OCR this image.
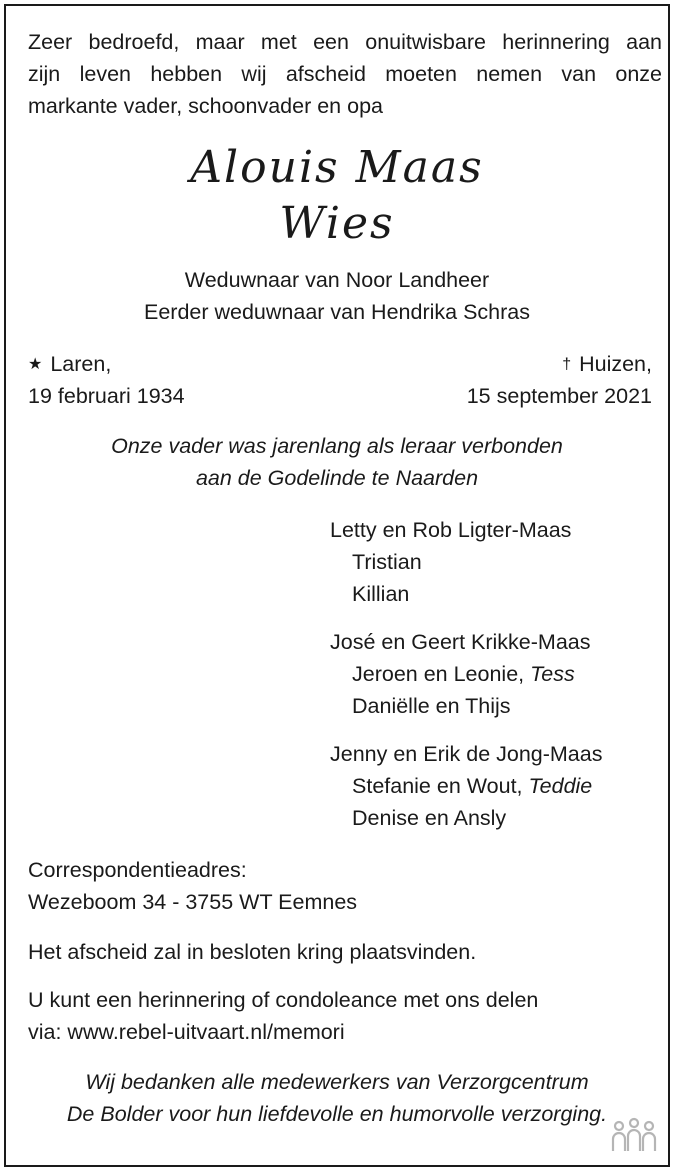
Zeer bedroefd, maar met een onuitwisbare herinnering aan
zijn leven hebben wij afscheid moeten nemen van onze
markante vader, schoonvader en opa

Alouis Maas

Wies

Weduwnaar van Noor Landheer

Eerder weduwnaar van Hendrika Schras

★ Laren,

19 februari 1934

† Huizen,

15 september 2021

Onze vader was jarenlang als leraar verbonden

aan de Godelinde te Naarden

Letty en Rob Ligter-Maas

Tristian

Killian

José en Geert Krikke-Maas

Jeroen en Leonie, Tess

Daniëlle en Thijs

Jenny en Erik de Jong-Maas

Stefanie en Wout, Teddie

Denise en Ansly

Correspondentieadres:

Wezeboom 34 - 3755 WT Eemnes

Het afscheid zal in besloten kring plaatsvinden.

U kunt een herinnering of condoleance met ons delen

via: www.rebel-uitvaart.nl/memori

Wij bedanken alle medewerkers van Verzorgcentrum

De Bolder voor hun liefdevolle en humorvolle verzorging.
